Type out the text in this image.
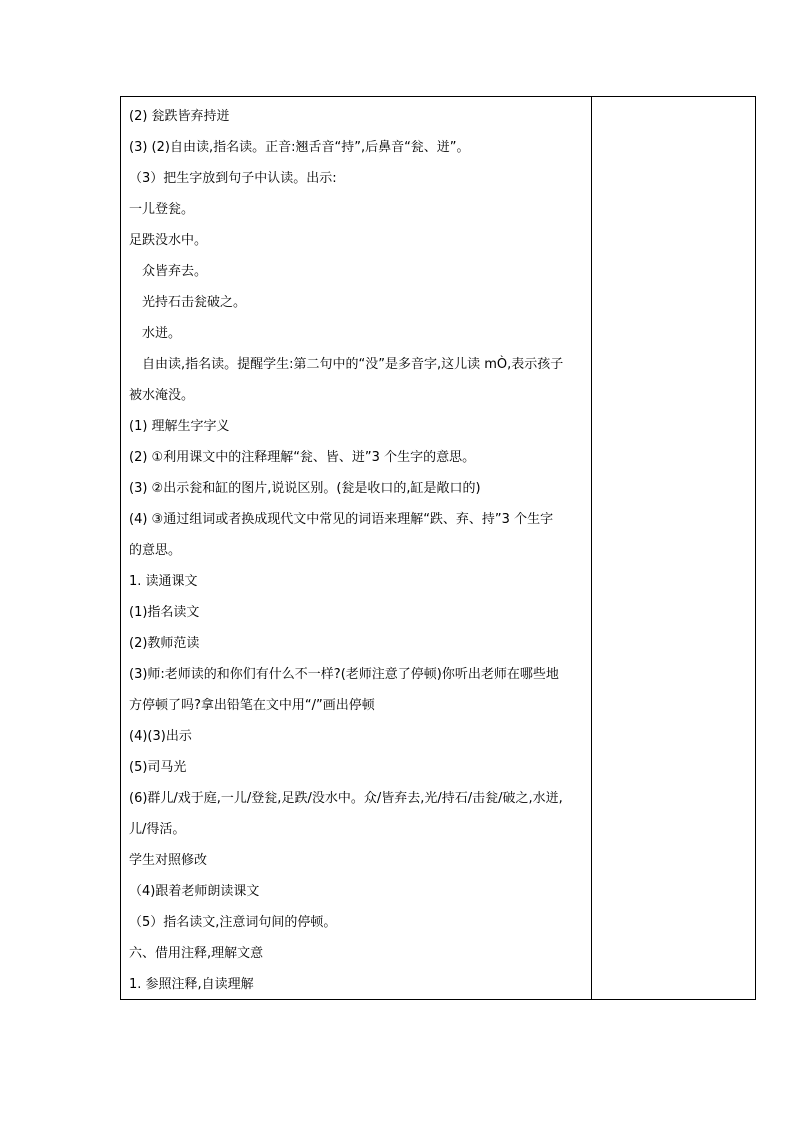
(2) 瓮跌皆弃持迸
(3) (2)自由读,指名读。正音:翘舌音“持”,后鼻音“瓮、迸”。
（3）把生字放到句子中认读。出示:
一儿登瓮。
足跌没水中。
众皆弃去。
光持石击瓮破之。
水迸。
自由读,指名读。提醒学生:第二句中的“没”是多音字,这儿读 mÒ,表示孩子
被水淹没。
(1) 理解生字字义
(2) ①利用课文中的注释理解“瓮、皆、迸”3 个生字的意思。
(3) ②出示瓮和缸的图片,说说区别。(瓮是收口的,缸是敞口的)
(4) ③通过组词或者换成现代文中常见的词语来理解“跌、弃、持”3 个生字
的意思。
1. 读通课文
(1)指名读文
(2)教师范读
(3)师:老师读的和你们有什么不一样?(老师注意了停顿)你听出老师在哪些地
方停顿了吗?拿出铅笔在文中用“/”画出停顿
(4)(3)出示
(5)司马光
(6)群儿/戏于庭,一儿/登瓮,足跌/没水中。众/皆弃去,光/持石/击瓮/破之,水迸,
儿/得活。
学生对照修改
（4)跟着老师朗读课文
（5）指名读文,注意词句间的停顿。
六、借用注释,理解文意
1. 参照注释,自读理解
